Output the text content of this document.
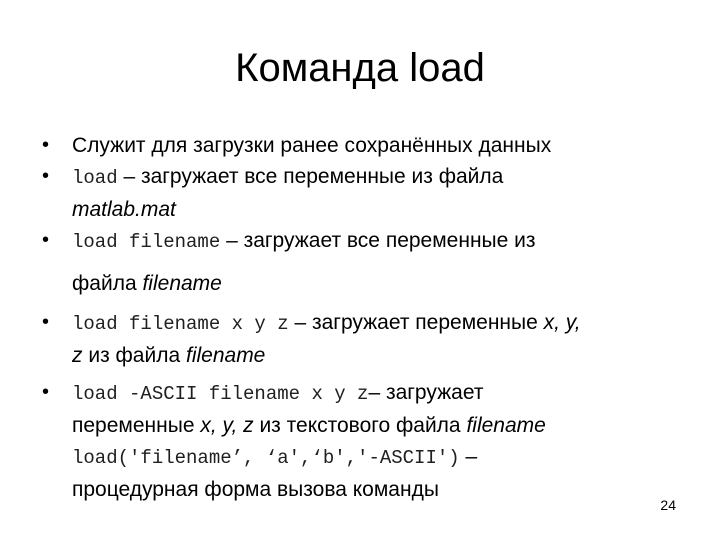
Команда load
• Служит для загрузки ранее сохранённых данных
• load – загружает все переменные из файла
matlab.mat
• load filename – загружает все переменные из
файла filename
• load filename x y z – загружает переменные x, y,
z из файла filename
• load -ASCII filename x y z– загружает
переменные x, y, z из текстового файла filename
load('filename’, ‘a',‘b','-ASCII') –
процедурная форма вызова команды
24
